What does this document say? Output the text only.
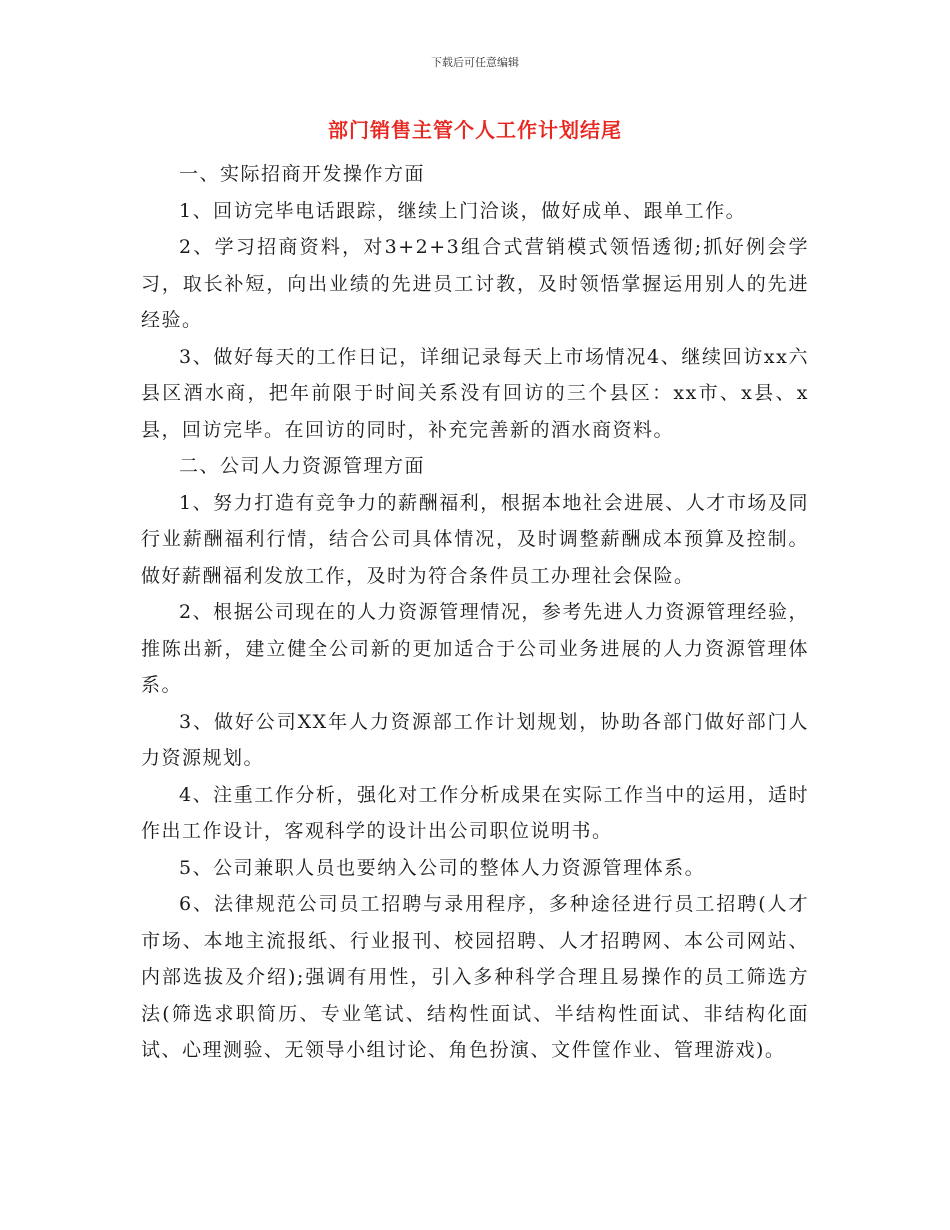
下载后可任意编辑
部门销售主管个人工作计划结尾

一、实际招商开发操作方面

1、回访完毕电话跟踪，继续上门洽谈，做好成单、跟单工作。

2、学习招商资料，对3+2+3组合式营销模式领悟透彻;抓好例会学习，取长补短，向出业绩的先进员工讨教，及时领悟掌握运用别人的先进经验。

3、做好每天的工作日记，详细记录每天上市场情况4、继续回访xx六县区酒水商，把年前限于时间关系没有回访的三个县区：xx市、x县、x县，回访完毕。在回访的同时，补充完善新的酒水商资料。

二、公司人力资源管理方面

1、努力打造有竞争力的薪酬福利，根据本地社会进展、人才市场及同行业薪酬福利行情，结合公司具体情况，及时调整薪酬成本预算及控制。做好薪酬福利发放工作，及时为符合条件员工办理社会保险。

2、根据公司现在的人力资源管理情况，参考先进人力资源管理经验，推陈出新，建立健全公司新的更加适合于公司业务进展的人力资源管理体系。

3、做好公司XX年人力资源部工作计划规划，协助各部门做好部门人力资源规划。

4、注重工作分析，强化对工作分析成果在实际工作当中的运用，适时作出工作设计，客观科学的设计出公司职位说明书。

5、公司兼职人员也要纳入公司的整体人力资源管理体系。

6、法律规范公司员工招聘与录用程序，多种途径进行员工招聘(人才市场、本地主流报纸、行业报刊、校园招聘、人才招聘网、本公司网站、内部选拔及介绍);强调有用性，引入多种科学合理且易操作的员工筛选方法(筛选求职简历、专业笔试、结构性面试、半结构性面试、非结构化面试、心理测验、无领导小组讨论、角色扮演、文件筐作业、管理游戏)。
